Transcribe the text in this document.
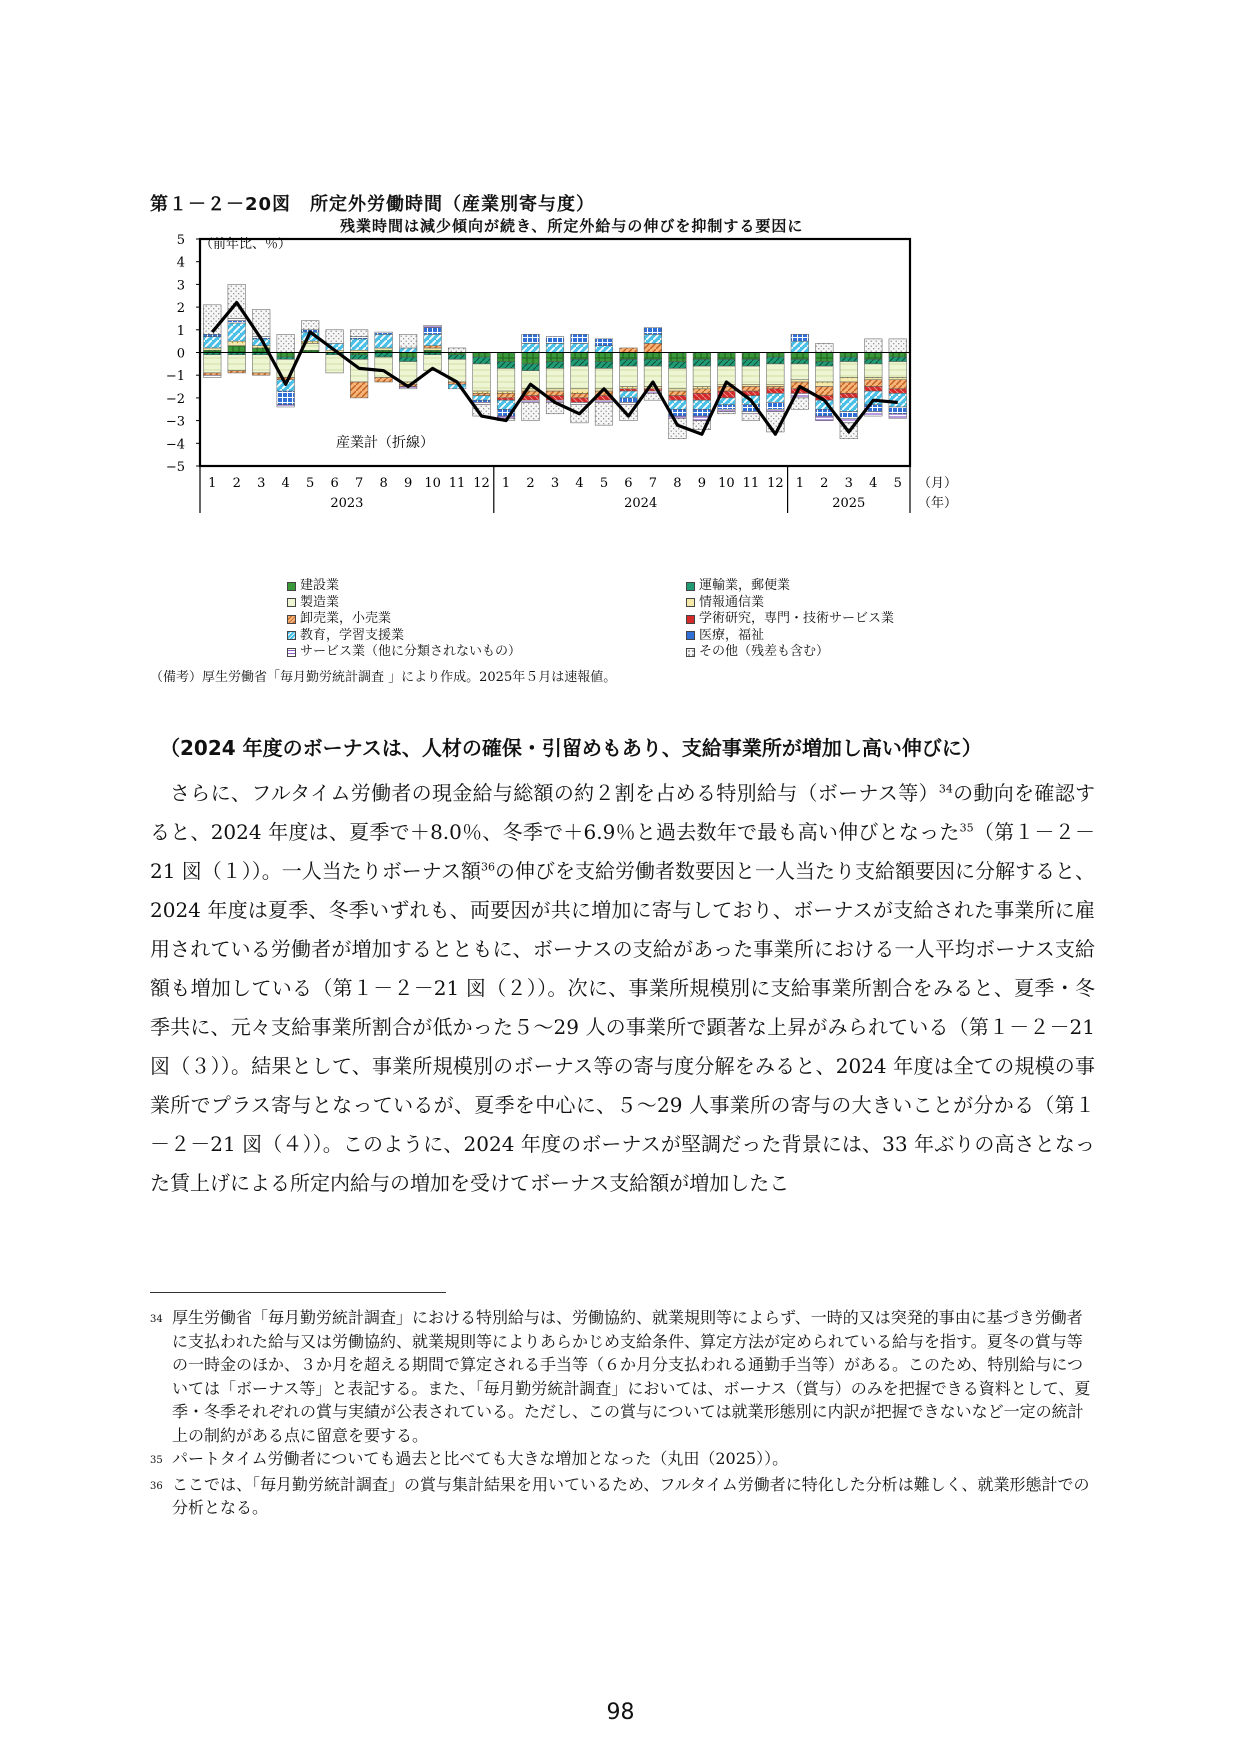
第１－２－20図　所定外労働時間（産業別寄与度）
残業時間は減少傾向が続き、所定外給与の伸びを抑制する要因に
産業計（折線）
5
4
3
2
1
0
−1
−2
−3
−4
−5
（前年比、％）
1 2 3 4 5 6 7 8 9 10 11 12 1 2 3 4 5 6 7 8 9 10 11 12 1 2 3 4 5
2023	2024	2025
（月）
（年）
建設業
製造業
卸売業，小売業
教育，学習支援業
サービス業（他に分類されないもの）
運輸業，郵便業
情報通信業
学術研究，専門・技術サービス業
医療，福祉
その他（残差も含む）
（備考）厚生労働省「毎月勤労統計調査 」により作成。2025年５月は速報値。
（2024 年度のボーナスは、人材の確保・引留めもあり、支給事業所が増加し高い伸びに）

さらに、フルタイム労働者の現金給与総額の約２割を占める特別給与（ボーナス等）$^{34}$の動向を確認すると、2024 年度は、夏季で＋8.0％、冬季で＋6.9％と過去数年で最も高い伸びとなった$^{35}$（第１－２－21 図（１））。一人当たりボーナス額$^{36}$の伸びを支給労働者数要因と一人当たり支給額要因に分解すると、2024 年度は夏季、冬季いずれも、両要因が共に増加に寄与しており、ボーナスが支給された事業所に雇用されている労働者が増加するとともに、ボーナスの支給があった事業所における一人平均ボーナス支給額も増加している（第１－２－21 図（２））。次に、事業所規模別に支給事業所割合をみると、夏季・冬季共に、元々支給事業所割合が低かった５～29 人の事業所で顕著な上昇がみられている（第１－２－21 図（３））。結果として、事業所規模別のボーナス等の寄与度分解をみると、2024 年度は全ての規模の事業所でプラス寄与となっているが、夏季を中心に、５～29 人事業所の寄与の大きいことが分かる（第１－２－21 図（４））。このように、2024 年度のボーナスが堅調だった背景には、33 年ぶりの高さとなった賃上げによる所定内給与の増加を受けてボーナス支給額が増加したこ

34 厚生労働省「毎月勤労統計調査」における特別給与は、労働協約、就業規則等によらず、一時的又は突発的事由に基づき労働者に支払われた給与又は労働協約、就業規則等によりあらかじめ支給条件、算定方法が定められている給与を指す。夏冬の賞与等の一時金のほか、３か月を超える期間で算定される手当等（６か月分支払われる通勤手当等）がある。このため、特別給与については「ボーナス等」と表記する。また、「毎月勤労統計調査」においては、ボーナス（賞与）のみを把握できる資料として、夏季・冬季それぞれの賞与実績が公表されている。ただし、この賞与については就業形態別に内訳が把握できないなど一定の統計上の制約がある点に留意を要する。
35 パートタイム労働者についても過去と比べても大きな増加となった（丸田（2025））。
36 ここでは、「毎月勤労統計調査」の賞与集計結果を用いているため、フルタイム労働者に特化した分析は難しく、就業形態計での分析となる。
98
